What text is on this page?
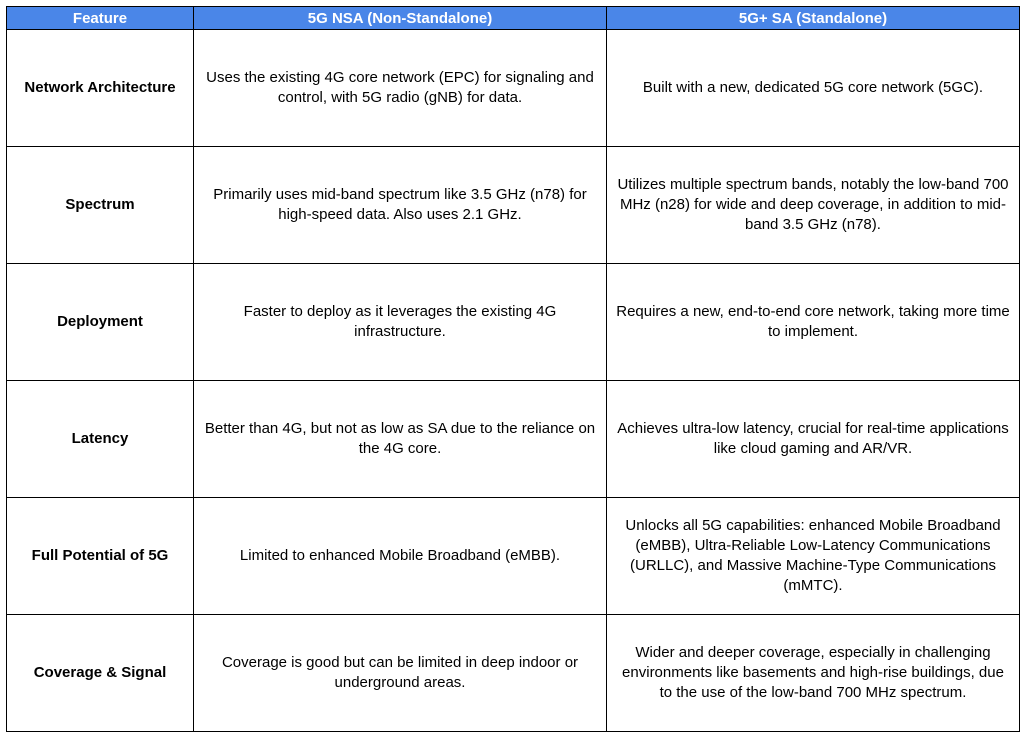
Feature	5G NSA (Non-Standalone)	5G+ SA (Standalone)
Network Architecture	Uses the existing 4G core network (EPC) for signaling and control, with 5G radio (gNB) for data.	Built with a new, dedicated 5G core network (5GC).
Spectrum	Primarily uses mid-band spectrum like 3.5 GHz (n78) for high-speed data. Also uses 2.1 GHz.	Utilizes multiple spectrum bands, notably the low-band 700 MHz (n28) for wide and deep coverage, in addition to mid-band 3.5 GHz (n78).
Deployment	Faster to deploy as it leverages the existing 4G infrastructure.	Requires a new, end-to-end core network, taking more time to implement.
Latency	Better than 4G, but not as low as SA due to the reliance on the 4G core.	Achieves ultra-low latency, crucial for real-time applications like cloud gaming and AR/VR.
Full Potential of 5G	Limited to enhanced Mobile Broadband (eMBB).	Unlocks all 5G capabilities: enhanced Mobile Broadband (eMBB), Ultra-Reliable Low-Latency Communications (URLLC), and Massive Machine-Type Communications (mMTC).
Coverage & Signal	Coverage is good but can be limited in deep indoor or underground areas.	Wider and deeper coverage, especially in challenging environments like basements and high-rise buildings, due to the use of the low-band 700 MHz spectrum.
